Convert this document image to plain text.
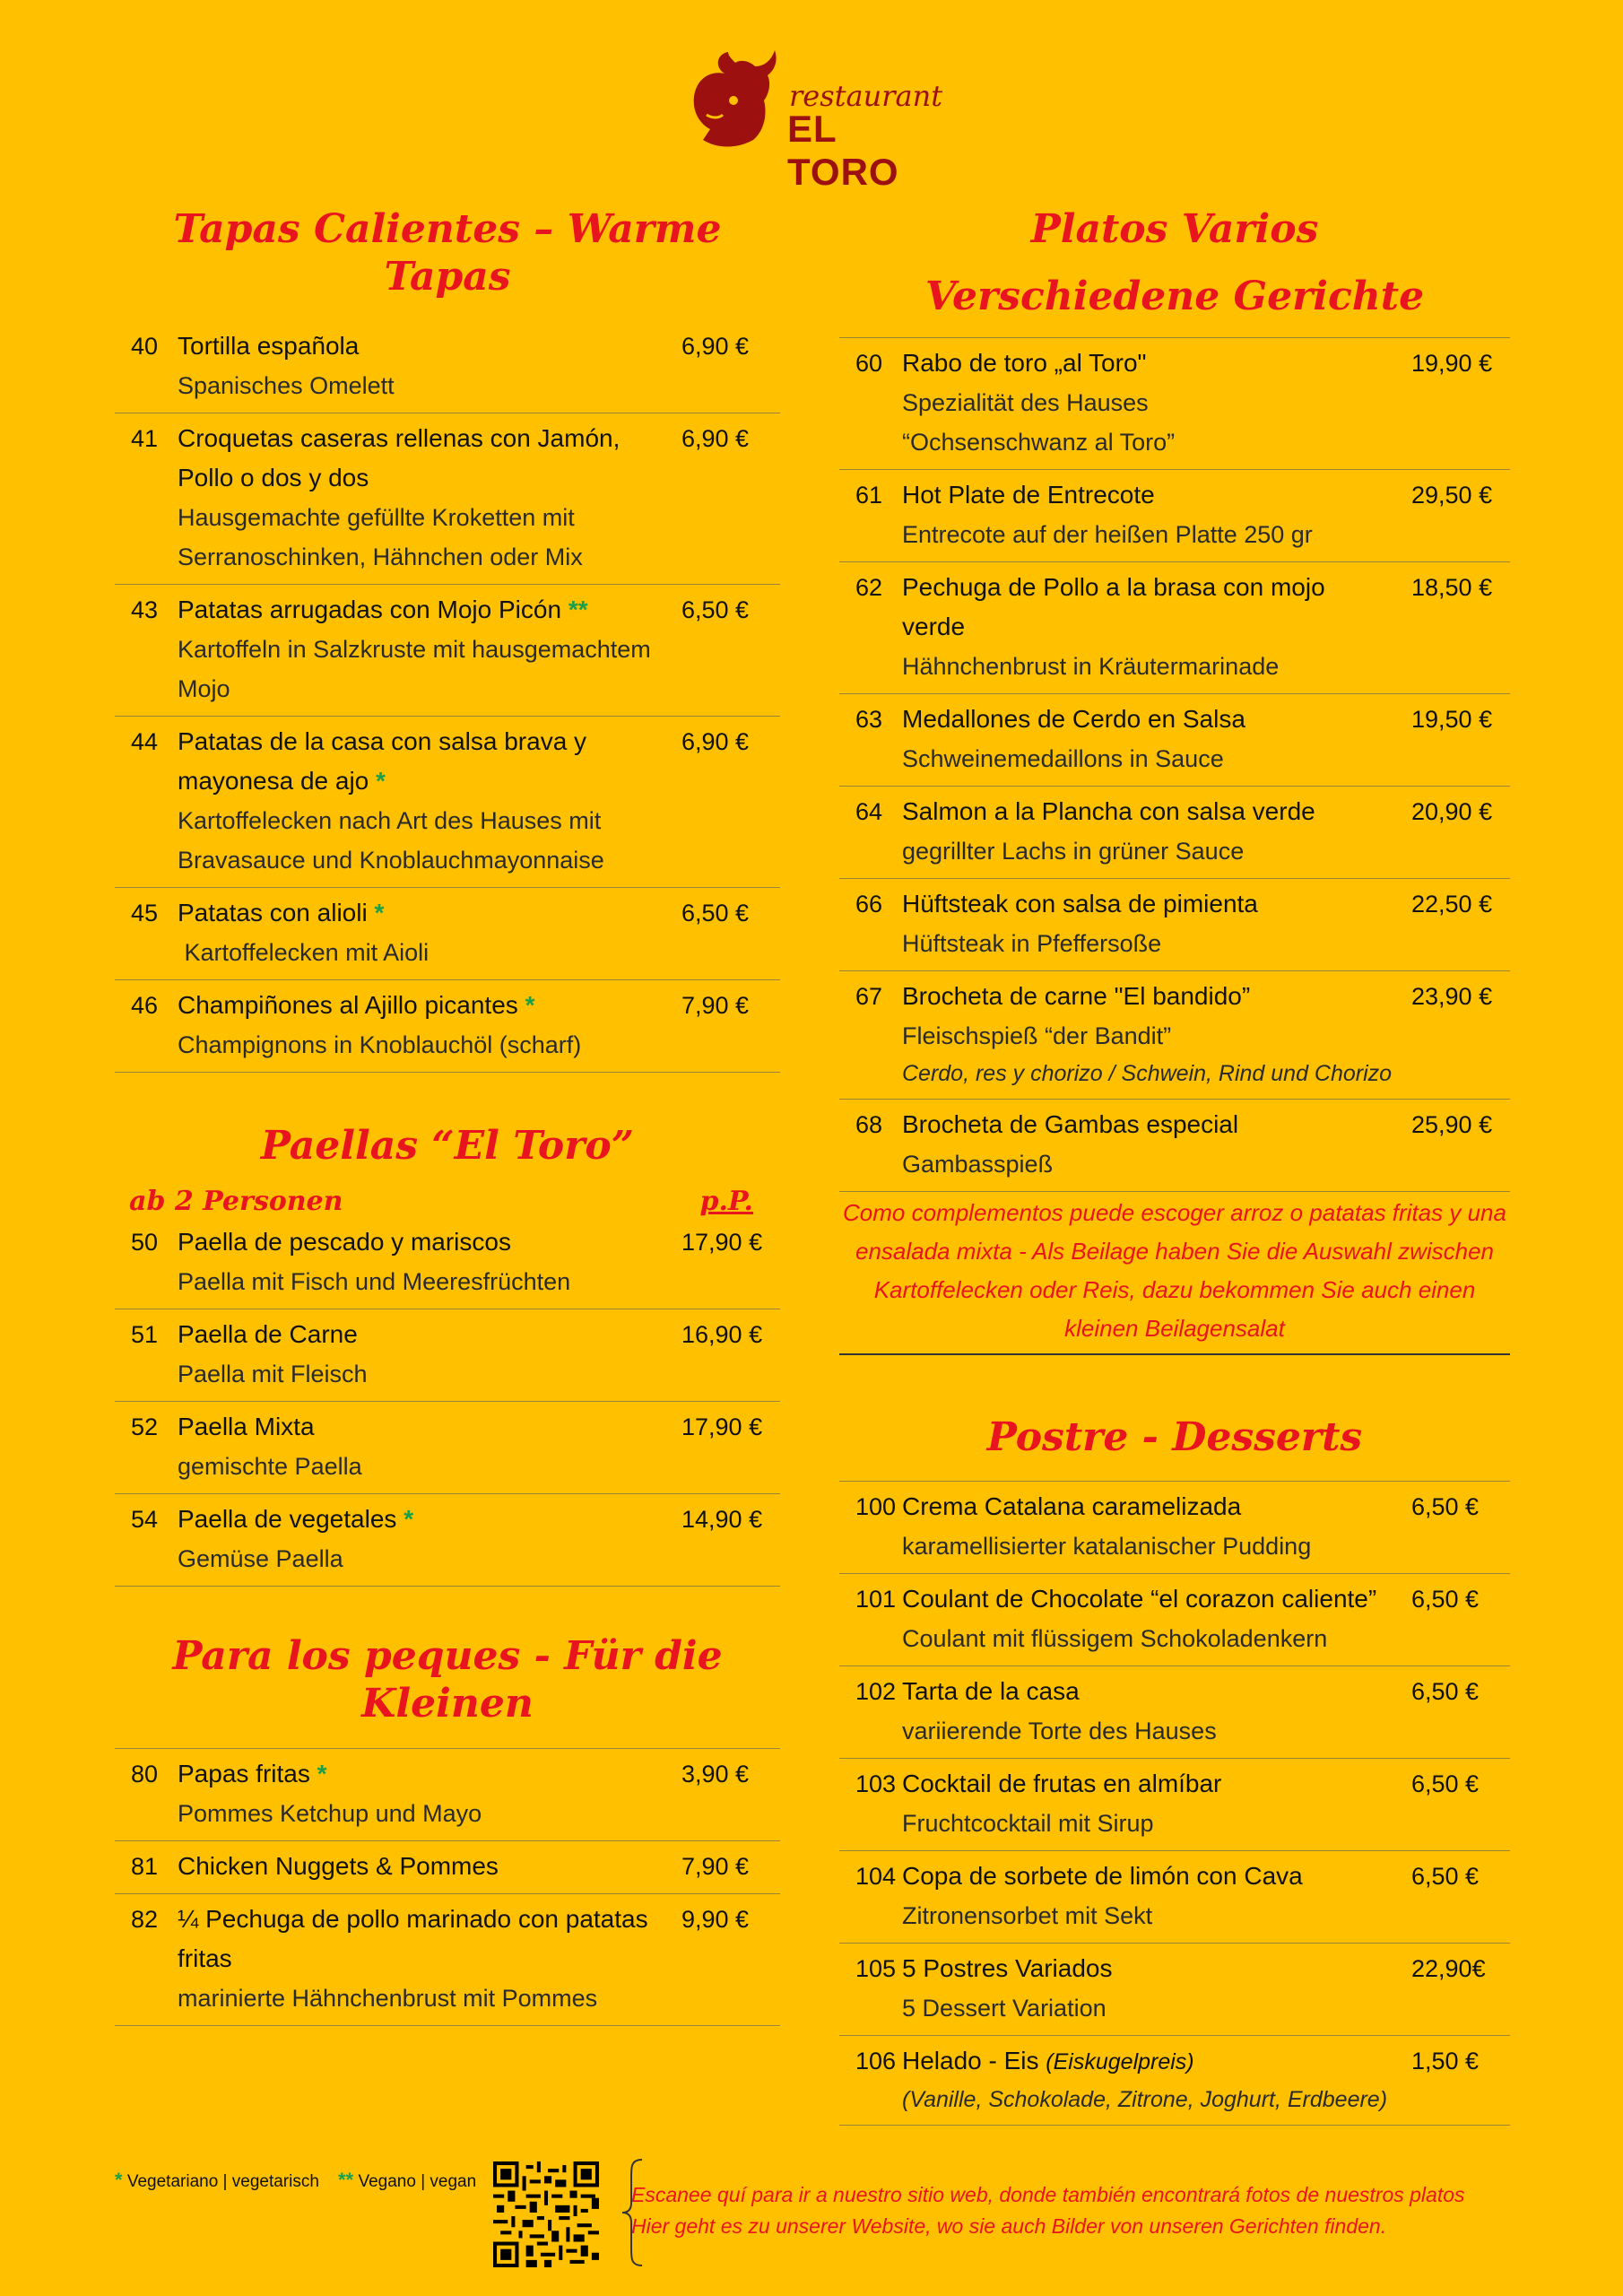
restaurant
EL TORO
Tapas Calientes – Warme Tapas
40 Tortilla española
Spanisches Omelett
6,90 €
41 Croquetas caseras rellenas con Jamón, Pollo o dos y dos
Hausgemachte gefüllte Kroketten mit Serranoschinken, Hähnchen oder Mix
6,90 €
43 Patatas arrugadas con Mojo Picón **
Kartoffeln in Salzkruste mit hausgemachtem Mojo
6,50 €
44 Patatas de la casa con salsa brava y mayonesa de ajo *
Kartoffelecken nach Art des Hauses mit Bravasauce und Knoblauchmayonnaise
6,90 €
45 Patatas con alioli *
Kartoffelecken mit Aioli
6,50 €
46 Champiñones al Ajillo picantes *
Champignons in Knoblauchöl (scharf)
7,90 €
Paellas “El Toro”
ab 2 Personen	p.P.
50 Paella de pescado y mariscos
Paella mit Fisch und Meeresfrüchten
17,90 €
51 Paella de Carne
Paella mit Fleisch
16,90 €
52 Paella Mixta
gemischte Paella
17,90 €
54 Paella de vegetales *
Gemüse Paella
14,90 €
Para los peques - Für die Kleinen
80 Papas fritas *
Pommes Ketchup und Mayo
3,90 €
81 Chicken Nuggets & Pommes	7,90 €
82 ¼ Pechuga de pollo marinado con patatas fritas
marinierte Hähnchenbrust mit Pommes
9,90 €
Platos Varios
Verschiedene Gerichte
60 Rabo de toro „al Toro"
Spezialität des Hauses
“Ochsenschwanz al Toro”
19,90 €
61 Hot Plate de Entrecote
Entrecote auf der heißen Platte 250 gr
29,50 €
62 Pechuga de Pollo a la brasa con mojo verde
Hähnchenbrust in Kräutermarinade
18,50 €
63 Medallones de Cerdo en Salsa
Schweinemedaillons in Sauce
19,50 €
64 Salmon a la Plancha con salsa verde
gegrillter Lachs in grüner Sauce
20,90 €
66 Hüftsteak con salsa de pimienta
Hüftsteak in Pfeffersoße
22,50 €
67 Brocheta de carne "El bandido”
Fleischspieß “der Bandit”
Cerdo, res y chorizo / Schwein, Rind und Chorizo
23,90 €
68 Brocheta de Gambas especial
Gambasspieß
25,90 €
Como complementos puede escoger arroz o patatas fritas y una ensalada mixta - Als Beilage haben Sie die Auswahl zwischen Kartoffelecken oder Reis, dazu bekommen Sie auch einen kleinen Beilagensalat
Postre - Desserts
100 Crema Catalana caramelizada
karamellisierter katalanischer Pudding
6,50 €
101 Coulant de Chocolate “el corazon caliente”
Coulant mit flüssigem Schokoladenkern
6,50 €
102 Tarta de la casa
variierende Torte des Hauses
6,50 €
103 Cocktail de frutas en almíbar
Fruchtcocktail mit Sirup
6,50 €
104 Copa de sorbete de limón con Cava
Zitronensorbet mit Sekt
6,50 €
105 5 Postres Variados
5 Dessert Variation
22,90€
106 Helado - Eis (Eiskugelpreis)
(Vanille, Schokolade, Zitrone, Joghurt, Erdbeere)
1,50 €
* Vegetariano | vegetarisch ** Vegano | vegan
Escanee quí para ir a nuestro sitio web, donde también encontrará fotos de nuestros platos
Hier geht es zu unserer Website, wo sie auch Bilder von unseren Gerichten finden.
